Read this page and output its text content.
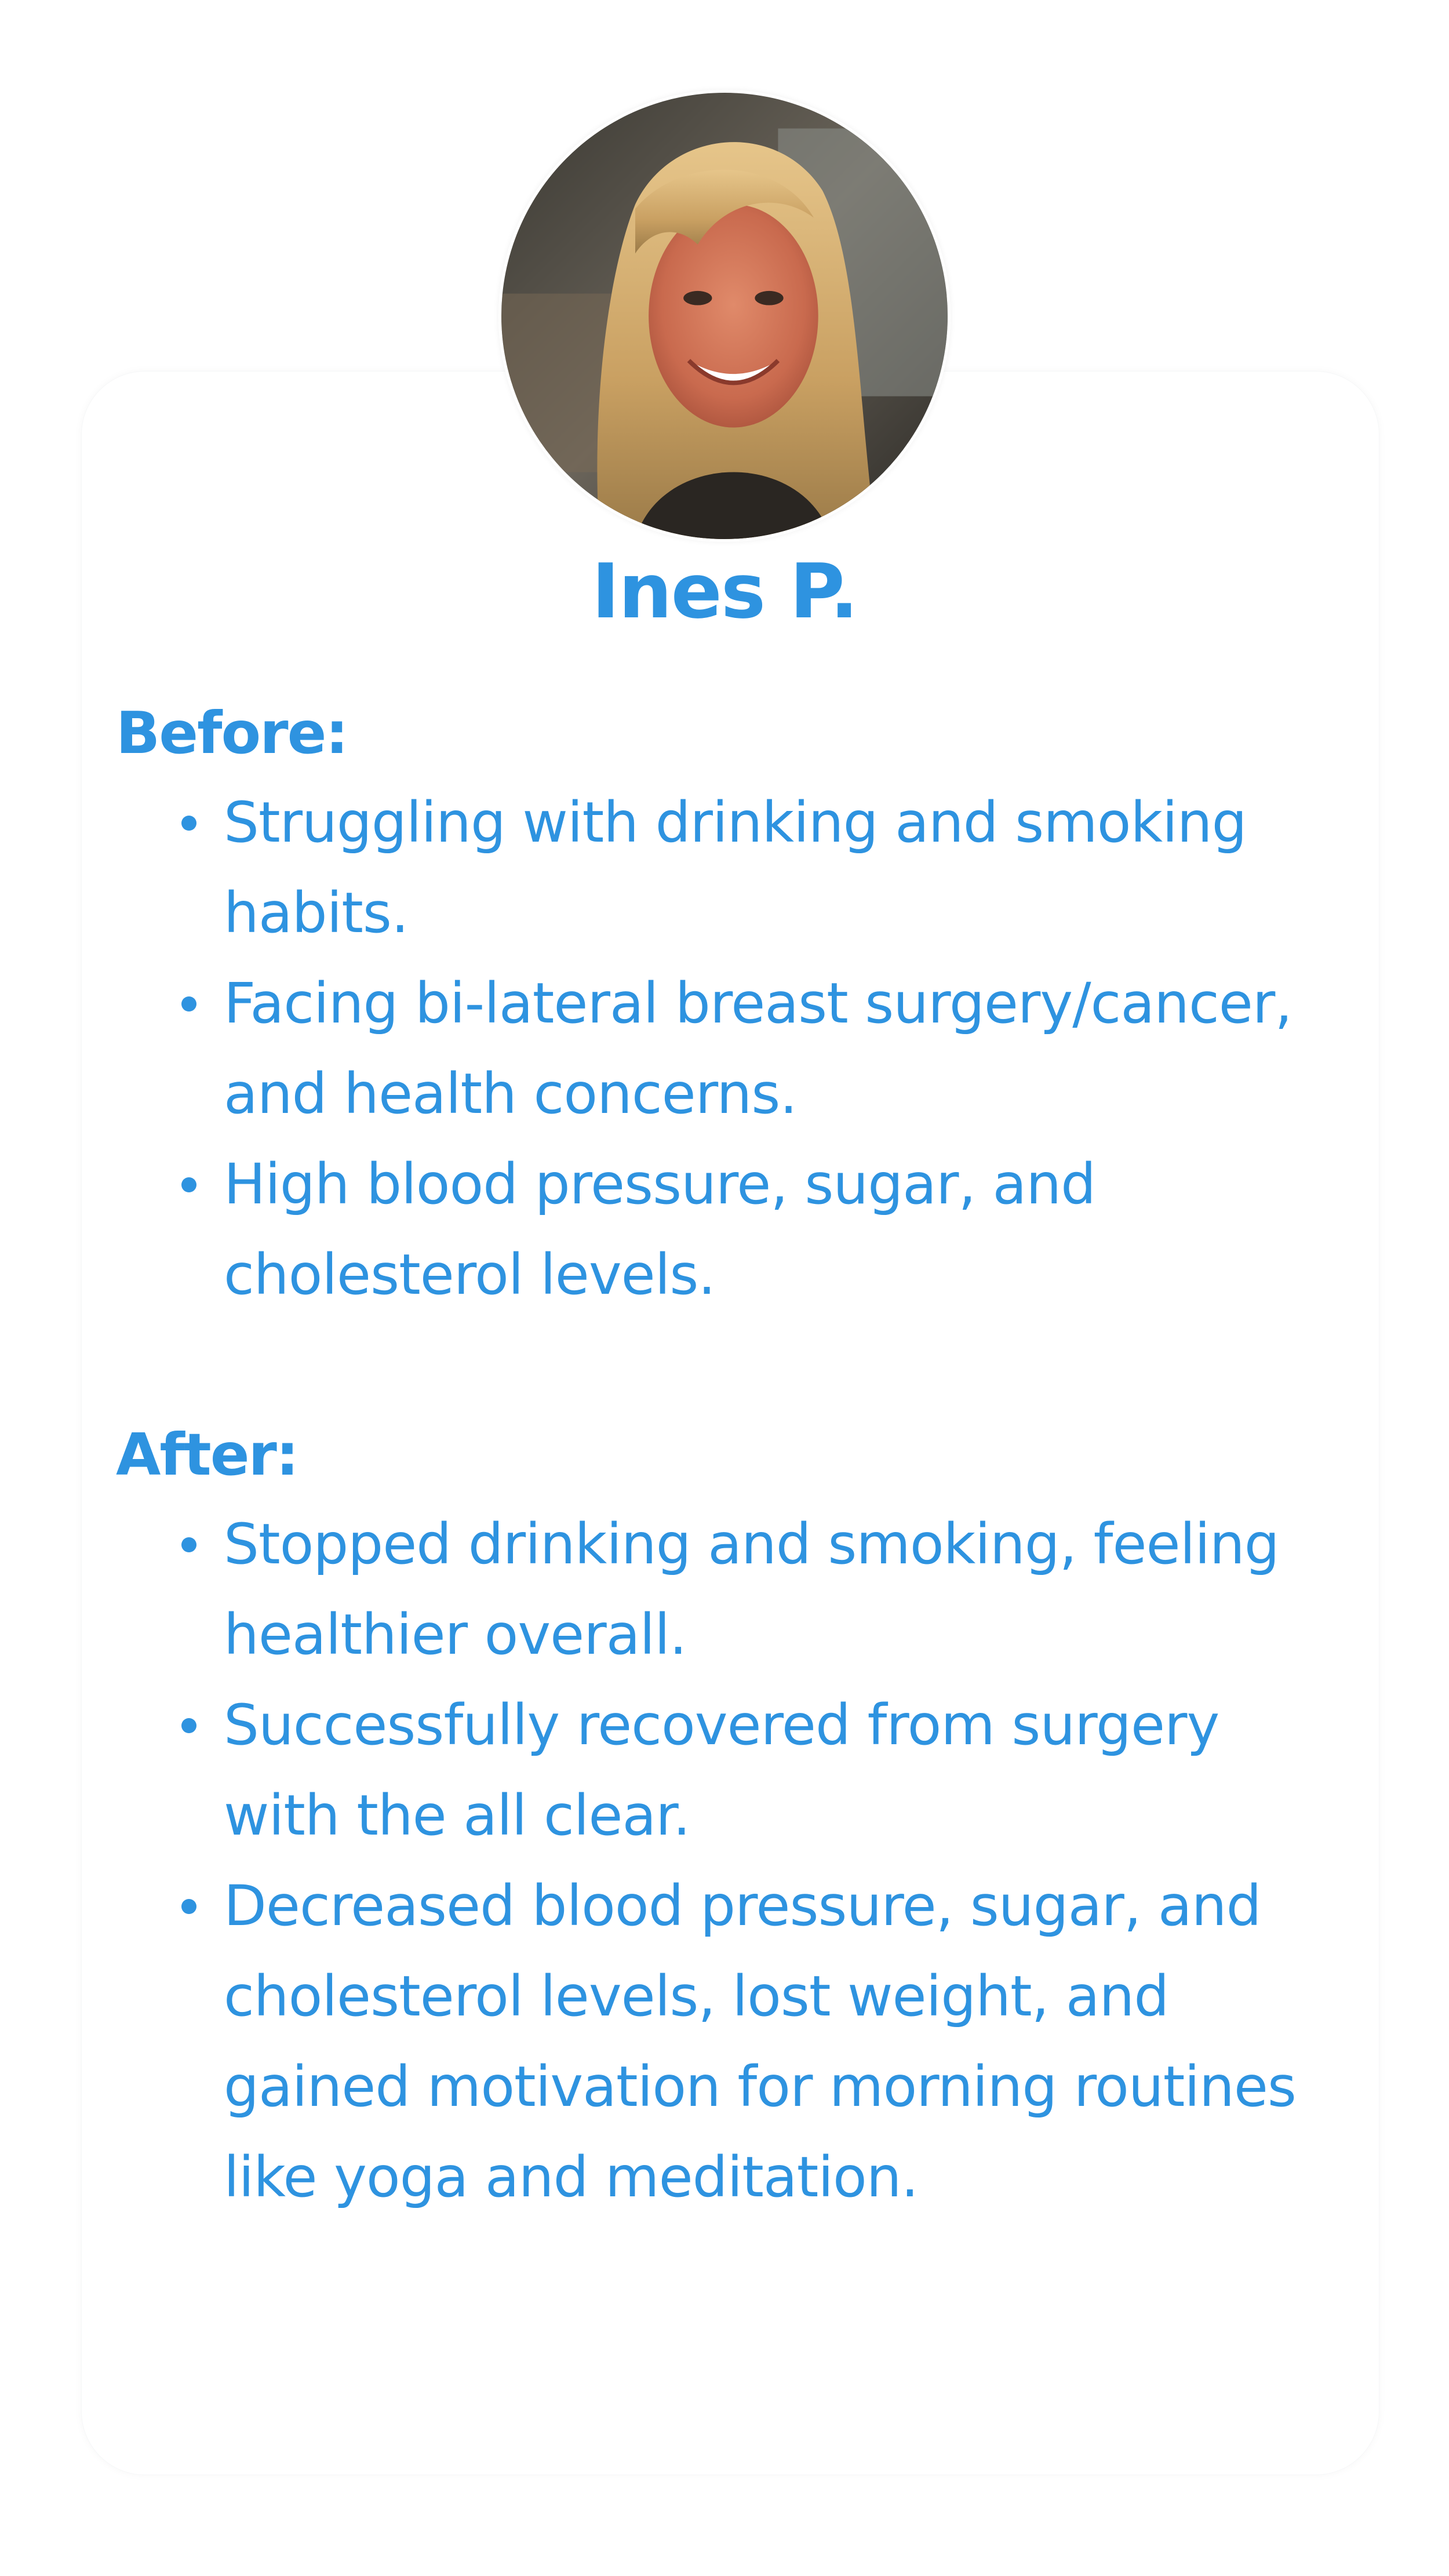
Ines P.
Before:
Struggling with drinking and smoking habits.
Facing bi-lateral breast surgery/cancer, and health concerns.
High blood pressure, sugar, and cholesterol levels.
After:
Stopped drinking and smoking, feeling healthier overall.
Successfully recovered from surgery with the all clear.
Decreased blood pressure, sugar, and cholesterol levels, lost weight, and gained motivation for morning routines like yoga and meditation.
